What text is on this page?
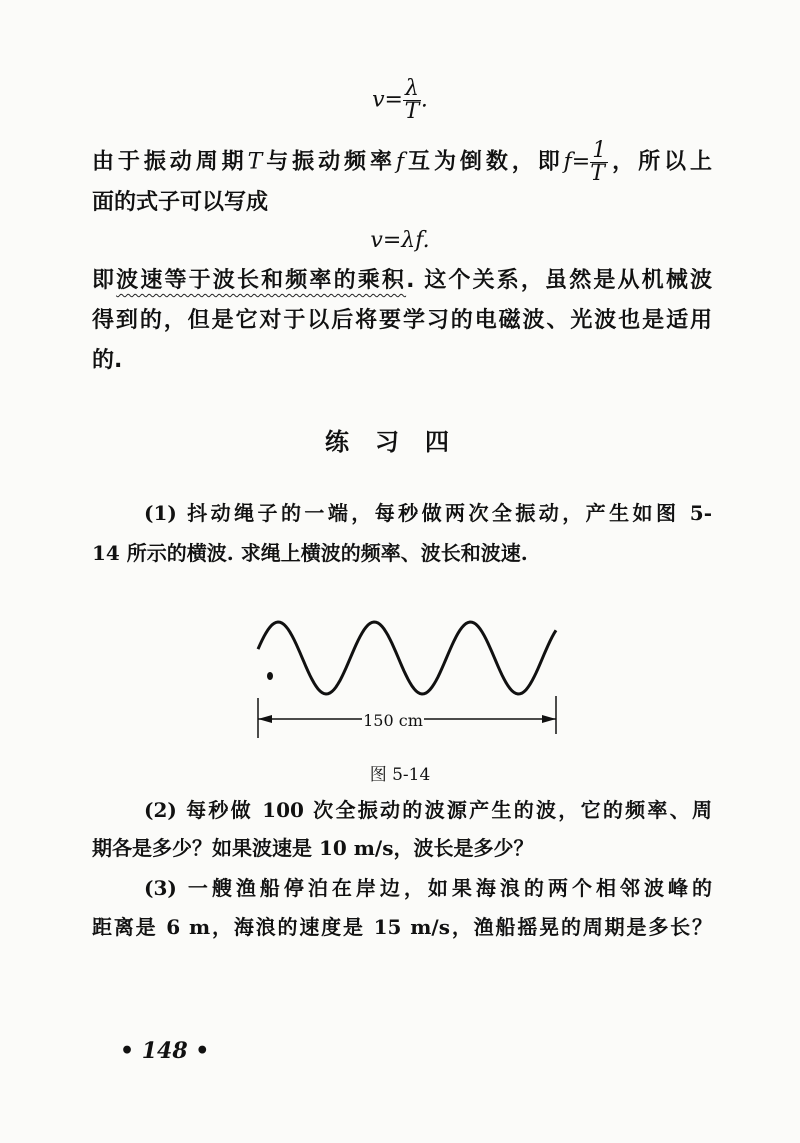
$v= \frac{\lambda}{T}$ .
由于振动周期T与振动频率f互为倒数，即$f= \frac{1}{T}$ ，所以上
面的式子可以写成
v=λf.
即波速等于波长和频率的乘积. 这个关系，虽然是从机械波
得到的，但是它对于以后将要学习的电磁波、光波也是适用
的.
练习四
(1) 抖动绳子的一端，每秒做两次全振动，产生如图 5-
14 所示的横波. 求绳上横波的频率、波长和波速.
150 cm
图 5-14
(2) 每秒做 100 次全振动的波源产生的波，它的频率、周
期各是多少？如果波速是 10 m/s，波长是多少？
(3) 一艘渔船停泊在岸边，如果海浪的两个相邻波峰的
距离是 6 m，海浪的速度是 15 m/s，渔船摇晃的周期是多长？
• 148 •
